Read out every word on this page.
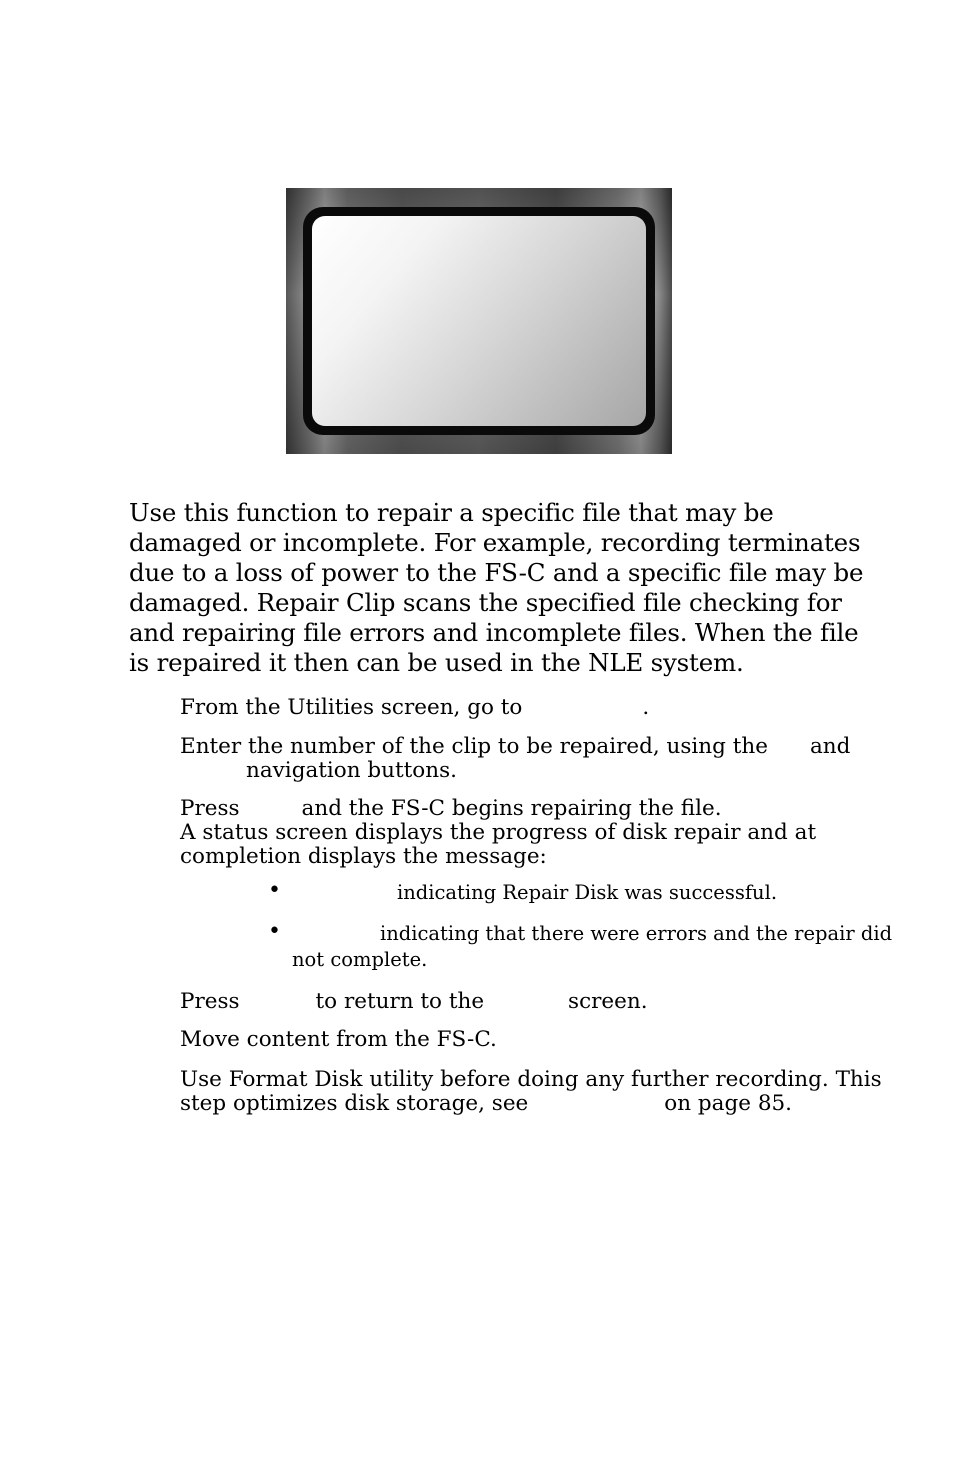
Use this function to repair a specific file that may be damaged or incomplete. For example, recording terminates due to a loss of power to the FS-C and a specific file may be damaged. Repair Clip scans the specified file checking for and repairing file errors and incomplete files. When the file is repaired it then can be used in the NLE system.

From the Utilities screen, go to	.

Enter the number of the clip to be repaired, using the and
navigation buttons.

Press	and the FS-C begins repairing the file.
A status screen displays the progress of disk repair and at
completion displays the message:

•	indicating Repair Disk was successful.

•	indicating that there were errors and the repair did

not complete.

Press	to return to the	screen.

Move content from the FS-C.

Use Format Disk utility before doing any further recording. This
step optimizes disk storage, see	on page 85.
